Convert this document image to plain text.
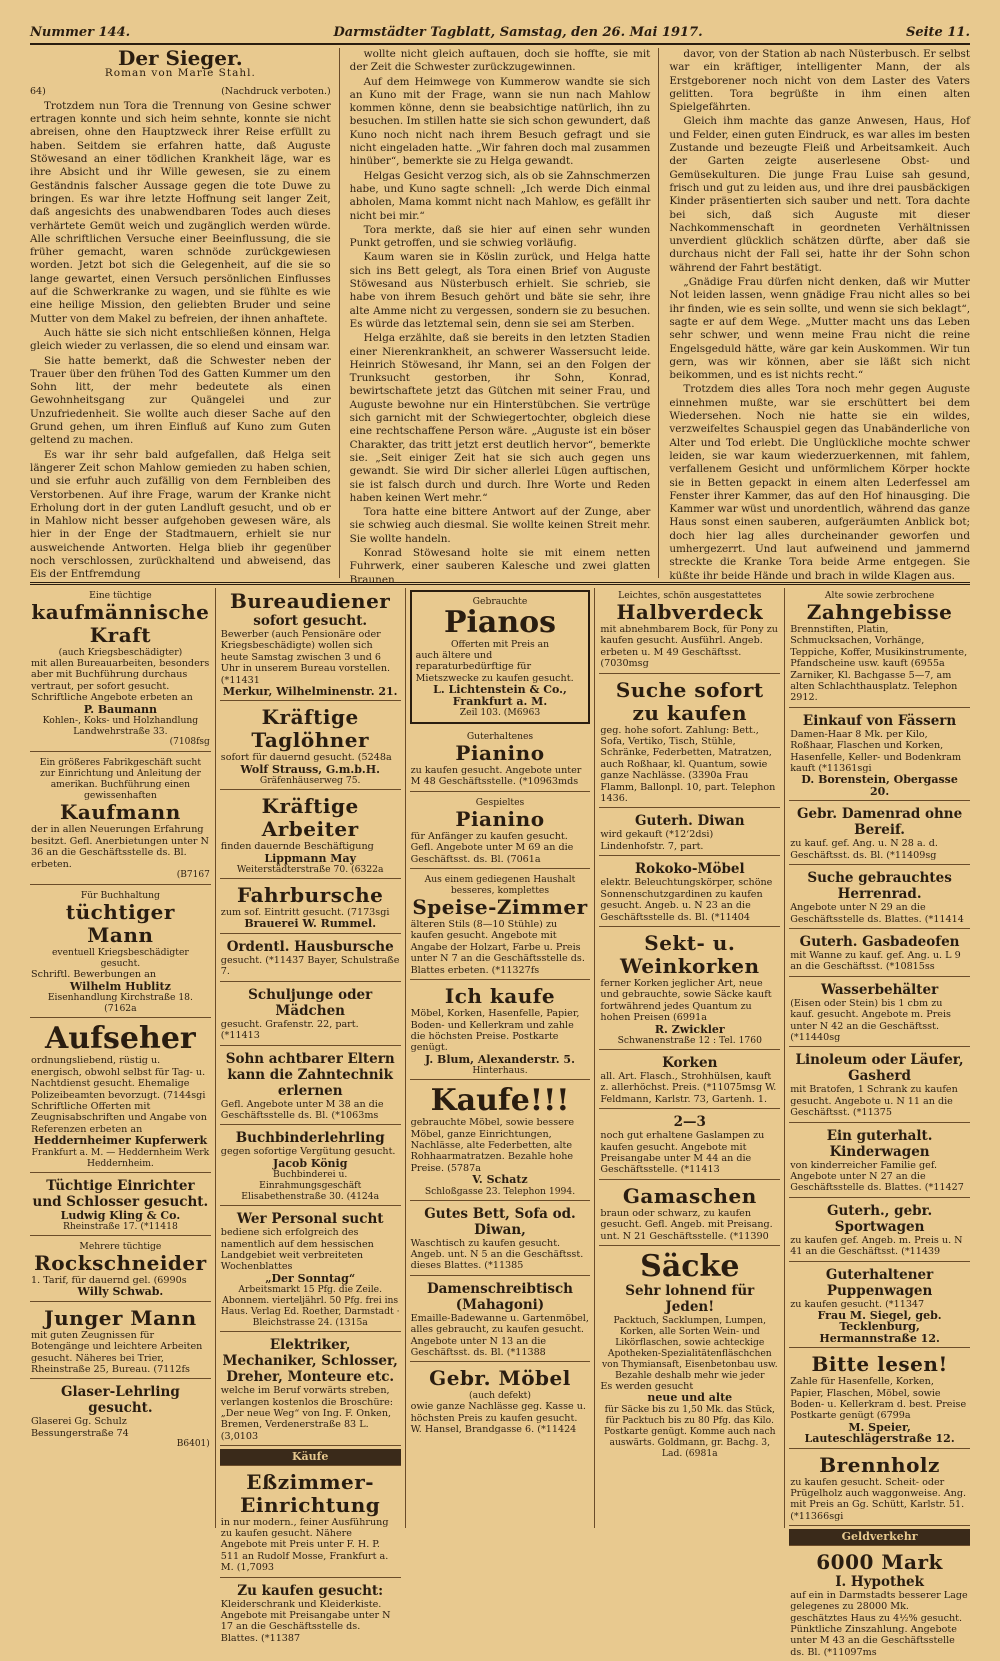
Nummer 144.	Darmstädter Tagblatt, Samstag, den 26. Mai 1917.	Seite 11.
Der Sieger.
Roman von Marie Stahl.
64)	(Nachdruck verboten.)

Trotzdem nun Tora die Trennung von Gesine schwer ertragen konnte und sich heim sehnte, konnte sie nicht abreisen, ohne den Hauptzweck ihrer Reise erfüllt zu haben. Seitdem sie erfahren hatte, daß Auguste Stöwesand an einer tödlichen Krankheit läge, war es ihre Absicht und ihr Wille gewesen, sie zu einem Geständnis falscher Aussage gegen die tote Duwe zu bringen. Es war ihre letzte Hoffnung seit langer Zeit, daß angesichts des unabwendbaren Todes auch dieses verhärtete Gemüt weich und zugänglich werden würde. Alle schriftlichen Versuche einer Beeinflussung, die sie früher gemacht, waren schnöde zurückgewiesen worden. Jetzt bot sich die Gelegenheit, auf die sie so lange gewartet, einen Versuch persönlichen Einflusses auf die Schwerkranke zu wagen, und sie fühlte es wie eine heilige Mission, den geliebten Bruder und seine Mutter von dem Makel zu befreien, der ihnen anhaftete.

Auch hätte sie sich nicht entschließen können, Helga gleich wieder zu verlassen, die so elend und einsam war.

Sie hatte bemerkt, daß die Schwester neben der Trauer über den frühen Tod des Gatten Kummer um den Sohn litt, der mehr bedeutete als einen Gewohnheitsgang zur Quängelei und zur Unzufriedenheit. Sie wollte auch dieser Sache auf den Grund gehen, um ihren Einfluß auf Kuno zum Guten geltend zu machen.

Es war ihr sehr bald aufgefallen, daß Helga seit längerer Zeit schon Mahlow gemieden zu haben schien, und sie erfuhr auch zufällig von dem Fernbleiben des Verstorbenen. Auf ihre Frage, warum der Kranke nicht Erholung dort in der guten Landluft gesucht, und ob er in Mahlow nicht besser aufgehoben gewesen wäre, als hier in der Enge der Stadtmauern, erhielt sie nur ausweichende Antworten. Helga blieb ihr gegenüber noch verschlossen, zurückhaltend und abweisend, das Eis der Entfremdung

wollte nicht gleich auftauen, doch sie hoffte, sie mit der Zeit die Schwester zurückzugewinnen.

Auf dem Heimwege von Kummerow wandte sie sich an Kuno mit der Frage, wann sie nun nach Mahlow kommen könne, denn sie beabsichtige natürlich, ihn zu besuchen. Im stillen hatte sie sich schon gewundert, daß Kuno noch nicht nach ihrem Besuch gefragt und sie nicht eingeladen hatte. „Wir fahren doch mal zusammen hinüber“, bemerkte sie zu Helga gewandt.

Helgas Gesicht verzog sich, als ob sie Zahnschmerzen habe, und Kuno sagte schnell: „Ich werde Dich einmal abholen, Mama kommt nicht nach Mahlow, es gefällt ihr nicht bei mir.“

Tora merkte, daß sie hier auf einen sehr wunden Punkt getroffen, und sie schwieg vorläufig.

Kaum waren sie in Köslin zurück, und Helga hatte sich ins Bett gelegt, als Tora einen Brief von Auguste Stöwesand aus Nüsterbusch erhielt. Sie schrieb, sie habe von ihrem Besuch gehört und bäte sie sehr, ihre alte Amme nicht zu vergessen, sondern sie zu besuchen. Es würde das letztemal sein, denn sie sei am Sterben.

Helga erzählte, daß sie bereits in den letzten Stadien einer Nierenkrankheit, an schwerer Wassersucht leide. Heinrich Stöwesand, ihr Mann, sei an den Folgen der Trunksucht gestorben, ihr Sohn, Konrad, bewirtschaftete jetzt das Gütchen mit seiner Frau, und Auguste bewohne nur ein Hinterstübchen. Sie vertrüge sich garnicht mit der Schwiegertochter, obgleich diese eine rechtschaffene Person wäre. „Auguste ist ein böser Charakter, das tritt jetzt erst deutlich hervor“, bemerkte sie. „Seit einiger Zeit hat sie sich auch gegen uns gewandt. Sie wird Dir sicher allerlei Lügen auftischen, sie ist falsch durch und durch. Ihre Worte und Reden haben keinen Wert mehr.“

Tora hatte eine bittere Antwort auf der Zunge, aber sie schwieg auch diesmal. Sie wollte keinen Streit mehr. Sie wollte handeln.

Konrad Stöwesand holte sie mit einem netten Fuhrwerk, einer sauberen Kalesche und zwei glatten Braunen

davor, von der Station ab nach Nüsterbusch. Er selbst war ein kräftiger, intelligenter Mann, der als Erstgeborener noch nicht von dem Laster des Vaters gelitten. Tora begrüßte in ihm einen alten Spielgefährten.

Gleich ihm machte das ganze Anwesen, Haus, Hof und Felder, einen guten Eindruck, es war alles im besten Zustande und bezeugte Fleiß und Arbeitsamkeit. Auch der Garten zeigte auserlesene Obst- und Gemüsekulturen. Die junge Frau Luise sah gesund, frisch und gut zu leiden aus, und ihre drei pausbäckigen Kinder präsentierten sich sauber und nett. Tora dachte bei sich, daß sich Auguste mit dieser Nachkommenschaft in geordneten Verhältnissen unverdient glücklich schätzen dürfte, aber daß sie durchaus nicht der Fall sei, hatte ihr der Sohn schon während der Fahrt bestätigt.

„Gnädige Frau dürfen nicht denken, daß wir Mutter Not leiden lassen, wenn gnädige Frau nicht alles so bei ihr finden, wie es sein sollte, und wenn sie sich beklagt“, sagte er auf dem Wege. „Mutter macht uns das Leben sehr schwer, und wenn meine Frau nicht die reine Engelsgeduld hätte, wäre gar kein Auskommen. Wir tun gern, was wir können, aber sie läßt sich nicht beikommen, und es ist nichts recht.“

Trotzdem dies alles Tora noch mehr gegen Auguste einnehmen mußte, war sie erschüttert bei dem Wiedersehen. Noch nie hatte sie ein wildes, verzweifeltes Schauspiel gegen das Unabänderliche von Alter und Tod erlebt. Die Unglückliche mochte schwer leiden, sie war kaum wiederzuerkennen, mit fahlem, verfallenem Gesicht und unförmlichem Körper hockte sie in Betten gepackt in einem alten Lederfessel am Fenster ihrer Kammer, das auf den Hof hinausging. Die Kammer war wüst und unordentlich, während das ganze Haus sonst einen sauberen, aufgeräumten Anblick bot; doch hier lag alles durcheinander geworfen und umhergezerrt. Und laut aufweinend und jammernd streckte die Kranke Tora beide Arme entgegen. Sie küßte ihr beide Hände und brach in wilde Klagen aus.

Eine tüchtige
kaufmännische Kraft
(auch Kriegsbeschädigter)
mit allen Bureauarbeiten, besonders aber mit Buchführung durchaus vertraut, per sofort gesucht. Schriftliche Angebote erbeten an
P. Baumann
Kohlen-, Koks- und Holzhandlung Landwehrstraße 33.
(7108fsg
Ein größeres Fabrikgeschäft sucht zur Einrichtung und Anleitung der amerikan. Buchführung einen gewissenhaften
Kaufmann
der in allen Neuerungen Erfahrung besitzt. Gefl. Anerbietungen unter N 36 an die Geschäftsstelle ds. Bl. erbeten.
(B7167
Für Buchhaltung
tüchtiger Mann
eventuell Kriegsbeschädigter gesucht.
Schriftl. Bewerbungen an
Wilhelm Hublitz
Eisenhandlung Kirchstraße 18. (7162a
Aufseher
ordnungsliebend, rüstig u. energisch, obwohl selbst für Tag- u. Nachtdienst gesucht. Ehemalige Polizeibeamten bevorzugt. (7144sgi Schriftliche Offerten mit Zeugnisabschriften und Angabe von Referenzen erbeten an
Heddernheimer Kupferwerk
Frankfurt a. M. — Heddernheim Werk Heddernheim.
Tüchtige Einrichter und Schlosser gesucht.
Ludwig Kling & Co.
Rheinstraße 17. (*11418
Mehrere tüchtige
Rockschneider
1. Tarif, für dauernd gel. (6990s
Willy Schwab.
Junger Mann
mit guten Zeugnissen für Botengänge und leichtere Arbeiten gesucht. Näheres bei Trier, Rheinstraße 25, Bureau. (7112fs
Glaser-Lehrling gesucht.
Glaserei Gg. Schulz Bessungerstraße 74
B6401)
Bureaudiener
sofort gesucht.
Bewerber (auch Pensionäre oder Kriegsbeschädigte) wollen sich heute Samstag zwischen 3 und 6 Uhr in unserem Bureau vorstellen. (*11431
Merkur, Wilhelminenstr. 21.
Kräftige Taglöhner
sofort für dauernd gesucht. (5248a
Wolf Strauss, G.m.b.H.
Gräfenhäuserweg 75.
Kräftige Arbeiter
finden dauernde Beschäftigung
Lippmann May
Weiterstädterstraße 70. (6322a
Fahrbursche
zum sof. Eintritt gesucht. (7173sgi
Brauerei W. Rummel.
Ordentl. Hausbursche
gesucht. (*11437 Bayer, Schulstraße 7.
Schuljunge oder Mädchen
gesucht. Grafenstr. 22, part. (*11413
Sohn achtbarer Eltern kann die Zahntechnik erlernen
Gefl. Angebote unter M 38 an die Geschäftsstelle ds. Bl. (*1063ms
Buchbinderlehrling
gegen sofortige Vergütung gesucht.
Jacob König
Buchbinderei u. Einrahmungsgeschäft Elisabethenstraße 30. (4124a
Wer Personal sucht
bediene sich erfolgreich des namentlich auf dem hessischen Landgebiet weit verbreiteten Wochenblattes
„Der Sonntag“
Arbeitsmarkt 15 Pfg. die Zeile. Abonnem. vierteljährl. 50 Pfg. frei ins Haus. Verlag Ed. Roether, Darmstadt · Bleichstrasse 24. (1315a
Elektriker, Mechaniker, Schlosser, Dreher, Monteure etc.
welche im Beruf vorwärts streben, verlangen kostenlos die Broschüre: „Der neue Weg“ von Ing. F. Onken, Bremen, Verdenerstraße 83 L. (3,0103
Käufe
Eßzimmer-Einrichtung
in nur modern., feiner Ausführung zu kaufen gesucht. Nähere Angebote mit Preis unter F. H. P. 511 an Rudolf Mosse, Frankfurt a. M. (1,7093
Zu kaufen gesucht:
Kleiderschrank und Kleiderkiste. Angebote mit Preisangabe unter N 17 an die Geschäftsstelle ds. Blattes. (*11387
Gebrauchte
Pianos
Offerten mit Preis an
auch ältere und reparaturbedürftige für Mietszwecke zu kaufen gesucht.
L. Lichtenstein & Co., Frankfurt a. M.
Zeil 103. (M6963
Guterhaltenes
Pianino
zu kaufen gesucht. Angebote unter M 48 Geschäftsstelle. (*10963mds
Gespieltes
Pianino
für Anfänger zu kaufen gesucht. Gefl. Angebote unter M 69 an die Geschäftsst. ds. Bl. (7061a
Aus einem gediegenen Haushalt besseres, komplettes
Speise-Zimmer
älteren Stils (8—10 Stühle) zu kaufen gesucht. Angebote mit Angabe der Holzart, Farbe u. Preis unter N 7 an die Geschäftsstelle ds. Blattes erbeten. (*11327fs
Ich kaufe
Möbel, Korken, Hasenfelle, Papier, Boden- und Kellerkram und zahle die höchsten Preise. Postkarte genügt.
J. Blum, Alexanderstr. 5.
Hinterhaus.
Kaufe!!!
gebrauchte Möbel, sowie bessere Möbel, ganze Einrichtungen, Nachlässe, alte Federbetten, alte Rohhaarmatratzen. Bezahle hohe Preise. (5787a
V. Schatz
Schloßgasse 23. Telephon 1994.
Gutes Bett, Sofa od. Diwan,
Waschtisch zu kaufen gesucht. Angeb. unt. N 5 an die Geschäftsst. dieses Blattes. (*11385
Damenschreibtisch (Mahagoni)
Emaille-Badewanne u. Gartenmöbel, alles gebraucht, zu kaufen gesucht. Angebote unter N 13 an die Geschäftsst. ds. Bl. (*11388
Gebr. Möbel
(auch defekt)
owie ganze Nachlässe geg. Kasse u. höchsten Preis zu kaufen gesucht. W. Hansel, Brandgasse 6. (*11424
Leichtes, schön ausgestattetes
Halbverdeck
mit abnehmbarem Bock, für Pony zu kaufen gesucht. Ausführl. Angeb. erbeten u. M 49 Geschäftsst. (7030msg
Suche sofort zu kaufen
geg. hohe sofort. Zahlung: Bett., Sofa, Vertiko, Tisch, Stühle, Schränke, Federbetten, Matratzen, auch Roßhaar, kl. Quantum, sowie ganze Nachlässe. (3390a Frau Flamm, Ballonpl. 10, part. Telephon 1436.
Guterh. Diwan
wird gekauft (*12‘2dsi) Lindenhofstr. 7, part.
Rokoko-Möbel
elektr. Beleuchtungskörper, schöne Sonnenschutzgardinen zu kaufen gesucht. Angeb. u. N 23 an die Geschäftsstelle ds. Bl. (*11404
Sekt- u. Weinkorken
ferner Korken jeglicher Art, neue und gebrauchte, sowie Säcke kauft fortwährend jedes Quantum zu hohen Preisen (6991a
R. Zwickler
Schwanenstraße 12 : Tel. 1760
Korken
all. Art. Flasch., Strohhülsen, kauft z. allerhöchst. Preis. (*11075msg W. Feldmann, Karlstr. 73, Gartenh. 1.
2—3
noch gut erhaltene Gaslampen zu kaufen gesucht. Angebote mit Preisangabe unter M 44 an die Geschäftsstelle. (*11413
Gamaschen
braun oder schwarz, zu kaufen gesucht. Gefl. Angeb. mit Preisang. unt. N 21 Geschäftsstelle. (*11390
Säcke
Sehr lohnend für Jeden!
Packtuch, Sacklumpen, Lumpen, Korken, alle Sorten Wein- und Likörflaschen, sowie achteckige Apotheken-Spezialitätenfläschchen von Thymiansaft, Eisenbetonbau usw. Bezahle deshalb mehr wie jeder
Es werden gesucht
neue und alte
für Säcke bis zu 1,50 Mk. das Stück, für Packtuch bis zu 80 Pfg. das Kilo. Postkarte genügt. Komme auch nach auswärts. Goldmann, gr. Bachg. 3, Lad. (6981a
Alte sowie zerbrochene
Zahngebisse
Brennstiften, Platin, Schmucksachen, Vorhänge, Teppiche, Koffer, Musikinstrumente, Pfandscheine usw. kauft (6955a Zarniker, Kl. Bachgasse 5—7, am alten Schlachthausplatz. Telephon 2912.
Einkauf von Fässern
Damen-Haar 8 Mk. per Kilo, Roßhaar, Flaschen und Korken, Hasenfelle, Keller- und Bodenkram kauft (*11361sgi
D. Borenstein, Obergasse 20.
Gebr. Damenrad ohne Bereif.
zu kauf. gef. Ang. u. N 28 a. d. Geschäftsst. ds. Bl. (*11409sg
Suche gebrauchtes Herrenrad.
Angebote unter N 29 an die Geschäftsstelle ds. Blattes. (*11414
Guterh. Gasbadeofen
mit Wanne zu kauf. gef. Ang. u. L 9 an die Geschäftsst. (*10815ss
Wasserbehälter
(Eisen oder Stein) bis 1 cbm zu kauf. gesucht. Angebote m. Preis unter N 42 an die Geschäftsst. (*11440sg
Linoleum oder Läufer, Gasherd
mit Bratofen, 1 Schrank zu kaufen gesucht. Angebote u. N 11 an die Geschäftsst. (*11375
Ein guterhalt. Kinderwagen
von kinderreicher Familie gef. Angebote unter N 27 an die Geschäftsstelle ds. Blattes. (*11427
Guterh., gebr. Sportwagen
zu kaufen gef. Angeb. m. Preis u. N 41 an die Geschäftsst. (*11439
Guterhaltener Puppenwagen
zu kaufen gesucht. (*11347
Frau M. Siegel, geb. Tecklenburg, Hermannstraße 12.
Bitte lesen!
Zahle für Hasenfelle, Korken, Papier, Flaschen, Möbel, sowie Boden- u. Kellerkram d. best. Preise Postkarte genügt (6799a
M. Speier, Lauteschlägerstraße 12.
Brennholz
zu kaufen gesucht. Scheit- oder Prügelholz auch waggonweise. Ang. mit Preis an Gg. Schütt, Karlstr. 51. (*11366sgi
Geldverkehr
6000 Mark
I. Hypothek
auf ein in Darmstadts besserer Lage gelegenes zu 28000 Mk. geschätztes Haus zu 4½% gesucht. Pünktliche Zinszahlung. Angebote unter M 43 an die Geschäftsstelle ds. Bl. (*11097ms
